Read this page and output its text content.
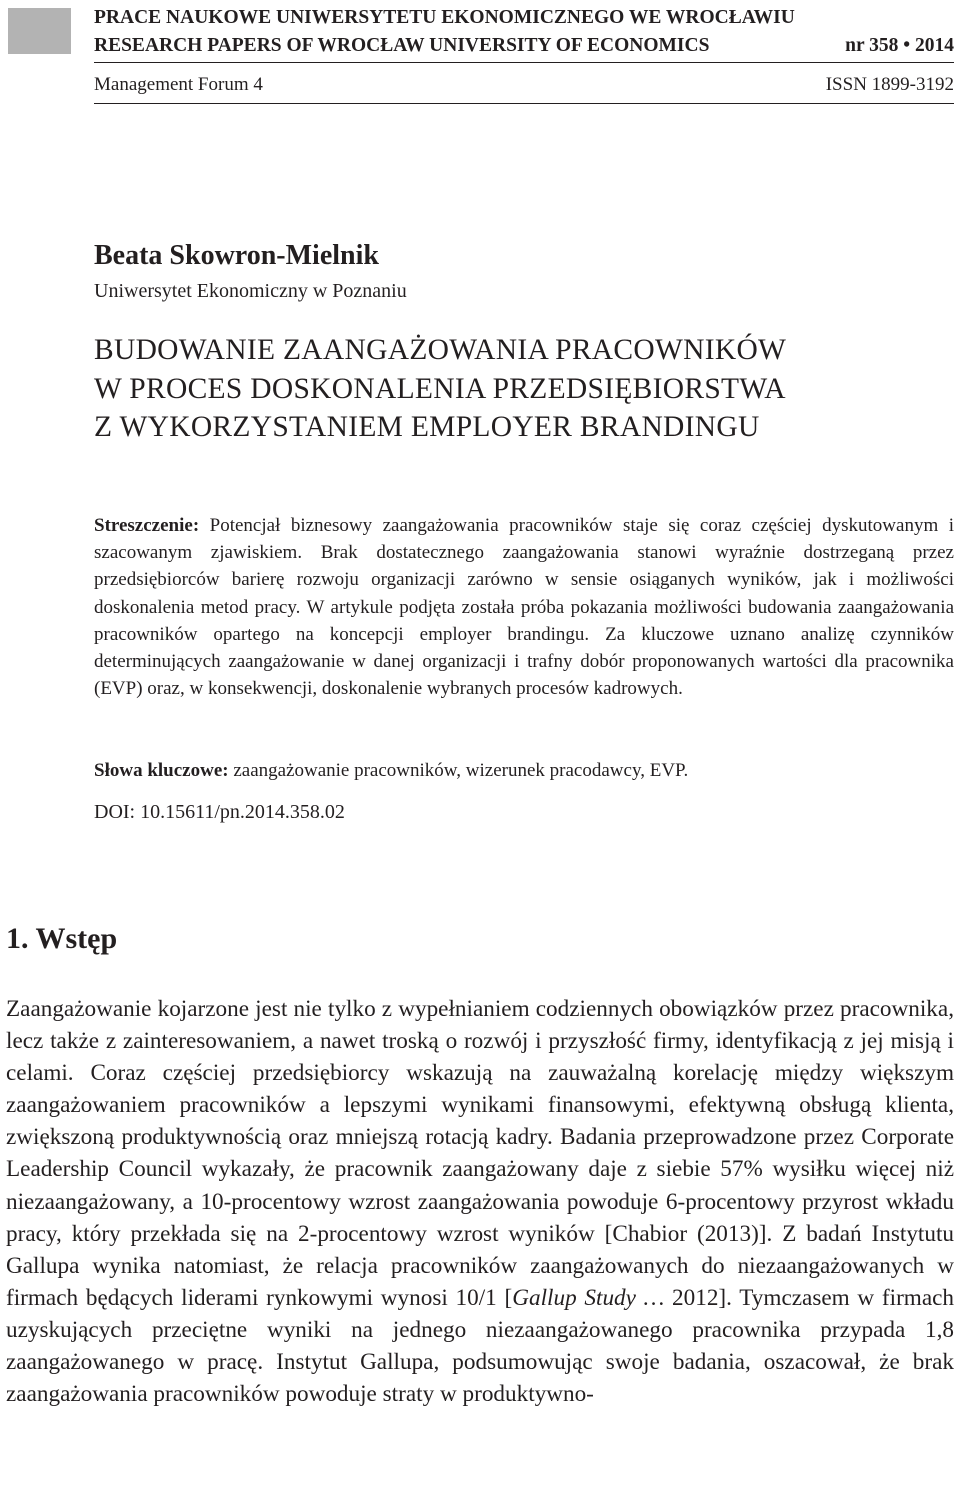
PRACE NAUKOWE UNIWERSYTETU EKONOMICZNEGO WE WROCŁAWIU
RESEARCH PAPERS OF WROCŁAW UNIVERSITY OF ECONOMICS	nr 358 • 2014
Management Forum 4	ISSN 1899-3192
Beata Skowron-Mielnik
Uniwersytet Ekonomiczny w Poznaniu
BUDOWANIE ZAANGAŻOWANIA PRACOWNIKÓW
W PROCES DOSKONALENIA PRZEDSIĘBIORSTWA
Z WYKORZYSTANIEM EMPLOYER BRANDINGU
Streszczenie: Potencjał biznesowy zaangażowania pracowników staje się coraz częściej dyskutowanym i szacowanym zjawiskiem. Brak dostatecznego zaangażowania stanowi wyraźnie dostrzeganą przez przedsiębiorców barierę rozwoju organizacji zarówno w sensie osiąganych wyników, jak i możliwości doskonalenia metod pracy. W artykule podjęta została próba pokazania możliwości budowania zaangażowania pracowników opartego na koncepcji employer brandingu. Za kluczowe uznano analizę czynników determinujących zaangażowanie w danej organizacji i trafny dobór proponowanych wartości dla pracownika (EVP) oraz, w konsekwencji, doskonalenie wybranych procesów kadrowych.
Słowa kluczowe: zaangażowanie pracowników, wizerunek pracodawcy, EVP.
DOI: 10.15611/pn.2014.358.02
1. Wstęp
Zaangażowanie kojarzone jest nie tylko z wypełnianiem codziennych obowiązków przez pracownika, lecz także z zainteresowaniem, a nawet troską o rozwój i przyszłość firmy, identyfikacją z jej misją i celami. Coraz częściej przedsiębiorcy wskazują na zauważalną korelację między większym zaangażowaniem pracowników a lepszymi wynikami finansowymi, efektywną obsługą klienta, zwiększoną produktywnością oraz mniejszą rotacją kadry. Badania przeprowadzone przez Corporate Leadership Council wykazały, że pracownik zaangażowany daje z siebie 57% wysiłku więcej niż niezaangażowany, a 10-procentowy wzrost zaangażowania powoduje 6-procentowy przyrost wkładu pracy, który przekłada się na 2-procentowy wzrost wyników [Chabior (2013)]. Z badań Instytutu Gallupa wynika natomiast, że relacja pracowników zaangażowanych do niezaangażowanych w firmach będących liderami rynkowymi wynosi 10/1 [Gallup Study … 2012]. Tymczasem w firmach uzyskujących przeciętne wyniki na jednego niezaangażowanego pracownika przypada 1,8 zaangażowanego w pracę. Instytut Gallupa, podsumowując swoje badania, oszacował, że brak zaangażowania pracowników powoduje straty w produktywno-
